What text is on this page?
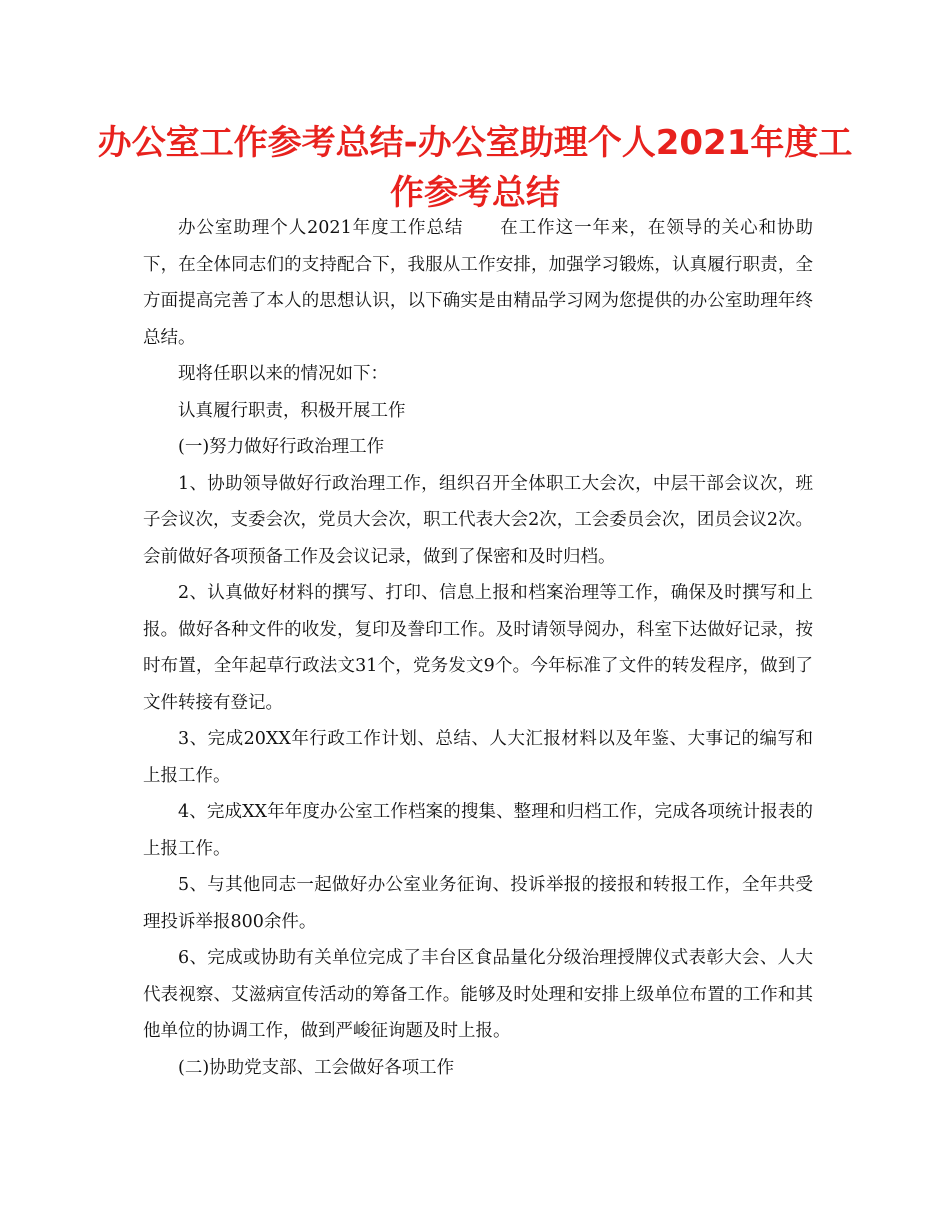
办公室工作参考总结-办公室助理个人2021年度工作参考总结

办公室助理个人2021年度工作总结　　在工作这一年来，在领导的关心和协助下，在全体同志们的支持配合下，我服从工作安排，加强学习锻炼，认真履行职责，全方面提高完善了本人的思想认识，以下确实是由精品学习网为您提供的办公室助理年终总结。

现将任职以来的情况如下：

认真履行职责，积极开展工作

(一)努力做好行政治理工作

1、协助领导做好行政治理工作，组织召开全体职工大会次，中层干部会议次，班子会议次，支委会次，党员大会次，职工代表大会2次，工会委员会次，团员会议2次。会前做好各项预备工作及会议记录，做到了保密和及时归档。

2、认真做好材料的撰写、打印、信息上报和档案治理等工作，确保及时撰写和上报。做好各种文件的收发，复印及誊印工作。及时请领导阅办，科室下达做好记录，按时布置，全年起草行政法文31个，党务发文9个。今年标准了文件的转发程序，做到了文件转接有登记。

3、完成20XX年行政工作计划、总结、人大汇报材料以及年鉴、大事记的编写和上报工作。

4、完成XX年年度办公室工作档案的搜集、整理和归档工作，完成各项统计报表的上报工作。

5、与其他同志一起做好办公室业务征询、投诉举报的接报和转报工作，全年共受理投诉举报800余件。

6、完成或协助有关单位完成了丰台区食品量化分级治理授牌仪式表彰大会、人大代表视察、艾滋病宣传活动的筹备工作。能够及时处理和安排上级单位布置的工作和其他单位的协调工作，做到严峻征询题及时上报。

(二)协助党支部、工会做好各项工作
